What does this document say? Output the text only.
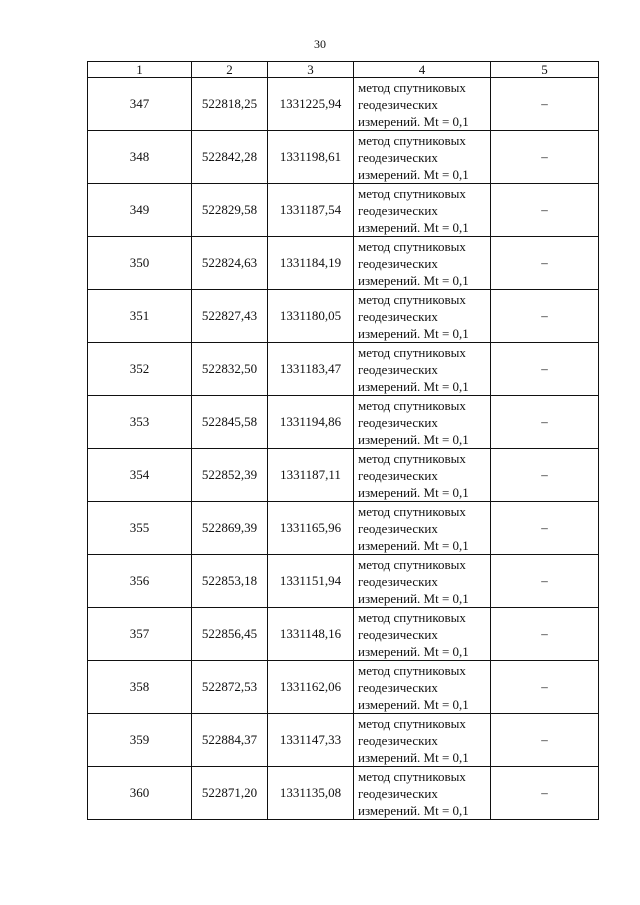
30
1	2	3	4	5
347	522818,25	1331225,94	метод спутниковых
геодезических
измерений. Mt = 0,1	–
348	522842,28	1331198,61	метод спутниковых
геодезических
измерений. Mt = 0,1	–
349	522829,58	1331187,54	метод спутниковых
геодезических
измерений. Mt = 0,1	–
350	522824,63	1331184,19	метод спутниковых
геодезических
измерений. Mt = 0,1	–
351	522827,43	1331180,05	метод спутниковых
геодезических
измерений. Mt = 0,1	–
352	522832,50	1331183,47	метод спутниковых
геодезических
измерений. Mt = 0,1	–
353	522845,58	1331194,86	метод спутниковых
геодезических
измерений. Mt = 0,1	–
354	522852,39	1331187,11	метод спутниковых
геодезических
измерений. Mt = 0,1	–
355	522869,39	1331165,96	метод спутниковых
геодезических
измерений. Mt = 0,1	–
356	522853,18	1331151,94	метод спутниковых
геодезических
измерений. Mt = 0,1	–
357	522856,45	1331148,16	метод спутниковых
геодезических
измерений. Mt = 0,1	–
358	522872,53	1331162,06	метод спутниковых
геодезических
измерений. Mt = 0,1	–
359	522884,37	1331147,33	метод спутниковых
геодезических
измерений. Mt = 0,1	–
360	522871,20	1331135,08	метод спутниковых
геодезических
измерений. Mt = 0,1	–
